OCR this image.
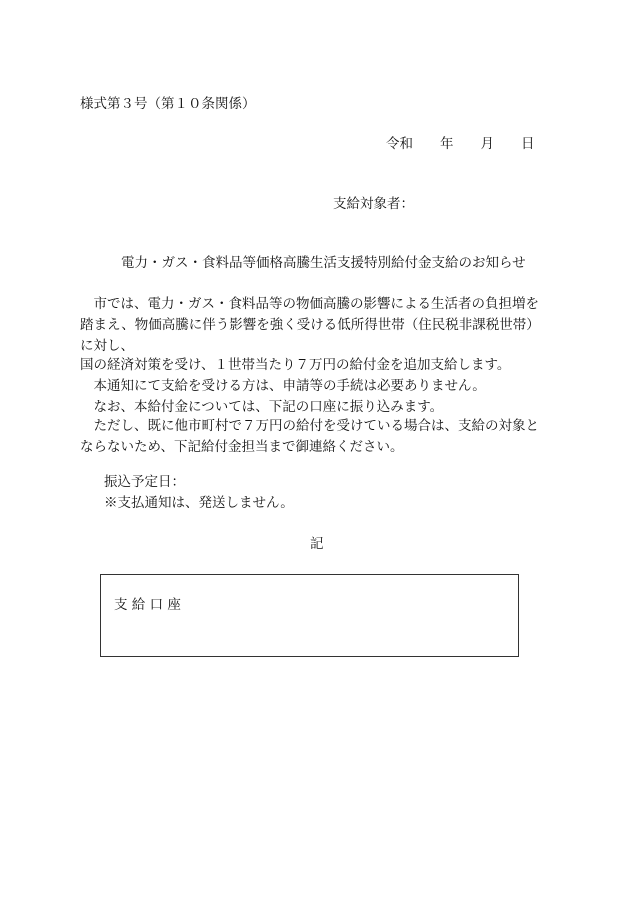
様式第３号（第１０条関係）
令和　　年　　月　　日
支給対象者：
電力・ガス・食料品等価格高騰生活支援特別給付金支給のお知らせ
　市では、電力・ガス・食料品等の物価高騰の影響による生活者の負担増を踏まえ、物価高騰に伴う影響を強く受ける低所得世帯（住民税非課税世帯）に対し、
国の経済対策を受け、１世帯当たり７万円の給付金を追加支給します。
　本通知にて支給を受ける方は、申請等の手続は必要ありません。
　なお、本給付金については、下記の口座に振り込みます。
　ただし、既に他市町村で７万円の給付を受けている場合は、支給の対象とならないため、下記給付金担当まで御連絡ください。
振込予定日：
※支払通知は、発送しません。
記
支 給 口 座
